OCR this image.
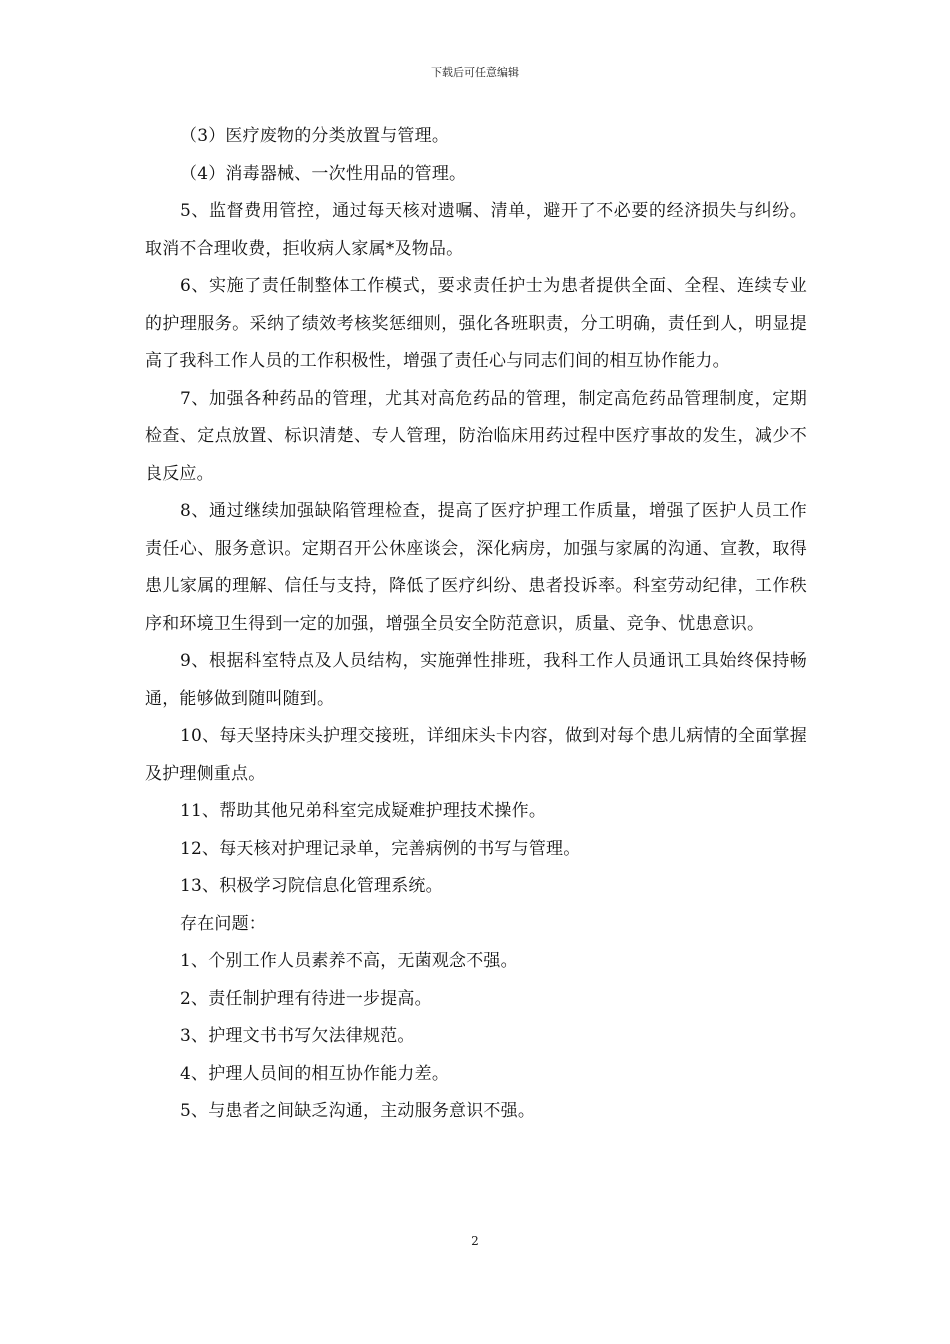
下载后可任意编辑

（3）医疗废物的分类放置与管理。

（4）消毒器械、一次性用品的管理。

5、监督费用管控，通过每天核对遗嘱、清单，避开了不必要的经济损失与纠纷。取消不合理收费，拒收病人家属*及物品。

6、实施了责任制整体工作模式，要求责任护士为患者提供全面、全程、连续专业的护理服务。采纳了绩效考核奖惩细则，强化各班职责，分工明确，责任到人，明显提高了我科工作人员的工作积极性，增强了责任心与同志们间的相互协作能力。

7、加强各种药品的管理，尤其对高危药品的管理，制定高危药品管理制度，定期检查、定点放置、标识清楚、专人管理，防治临床用药过程中医疗事故的发生，减少不良反应。

8、通过继续加强缺陷管理检查，提高了医疗护理工作质量，增强了医护人员工作责任心、服务意识。定期召开公休座谈会，深化病房，加强与家属的沟通、宣教，取得患儿家属的理解、信任与支持，降低了医疗纠纷、患者投诉率。科室劳动纪律，工作秩序和环境卫生得到一定的加强，增强全员安全防范意识，质量、竞争、忧患意识。

9、根据科室特点及人员结构，实施弹性排班，我科工作人员通讯工具始终保持畅通，能够做到随叫随到。

10、每天坚持床头护理交接班，详细床头卡内容，做到对每个患儿病情的全面掌握及护理侧重点。

11、帮助其他兄弟科室完成疑难护理技术操作。

12、每天核对护理记录单，完善病例的书写与管理。

13、积极学习院信息化管理系统。

存在问题：

1、个别工作人员素养不高，无菌观念不强。

2、责任制护理有待进一步提高。

3、护理文书书写欠法律规范。

4、护理人员间的相互协作能力差。

5、与患者之间缺乏沟通，主动服务意识不强。

2
